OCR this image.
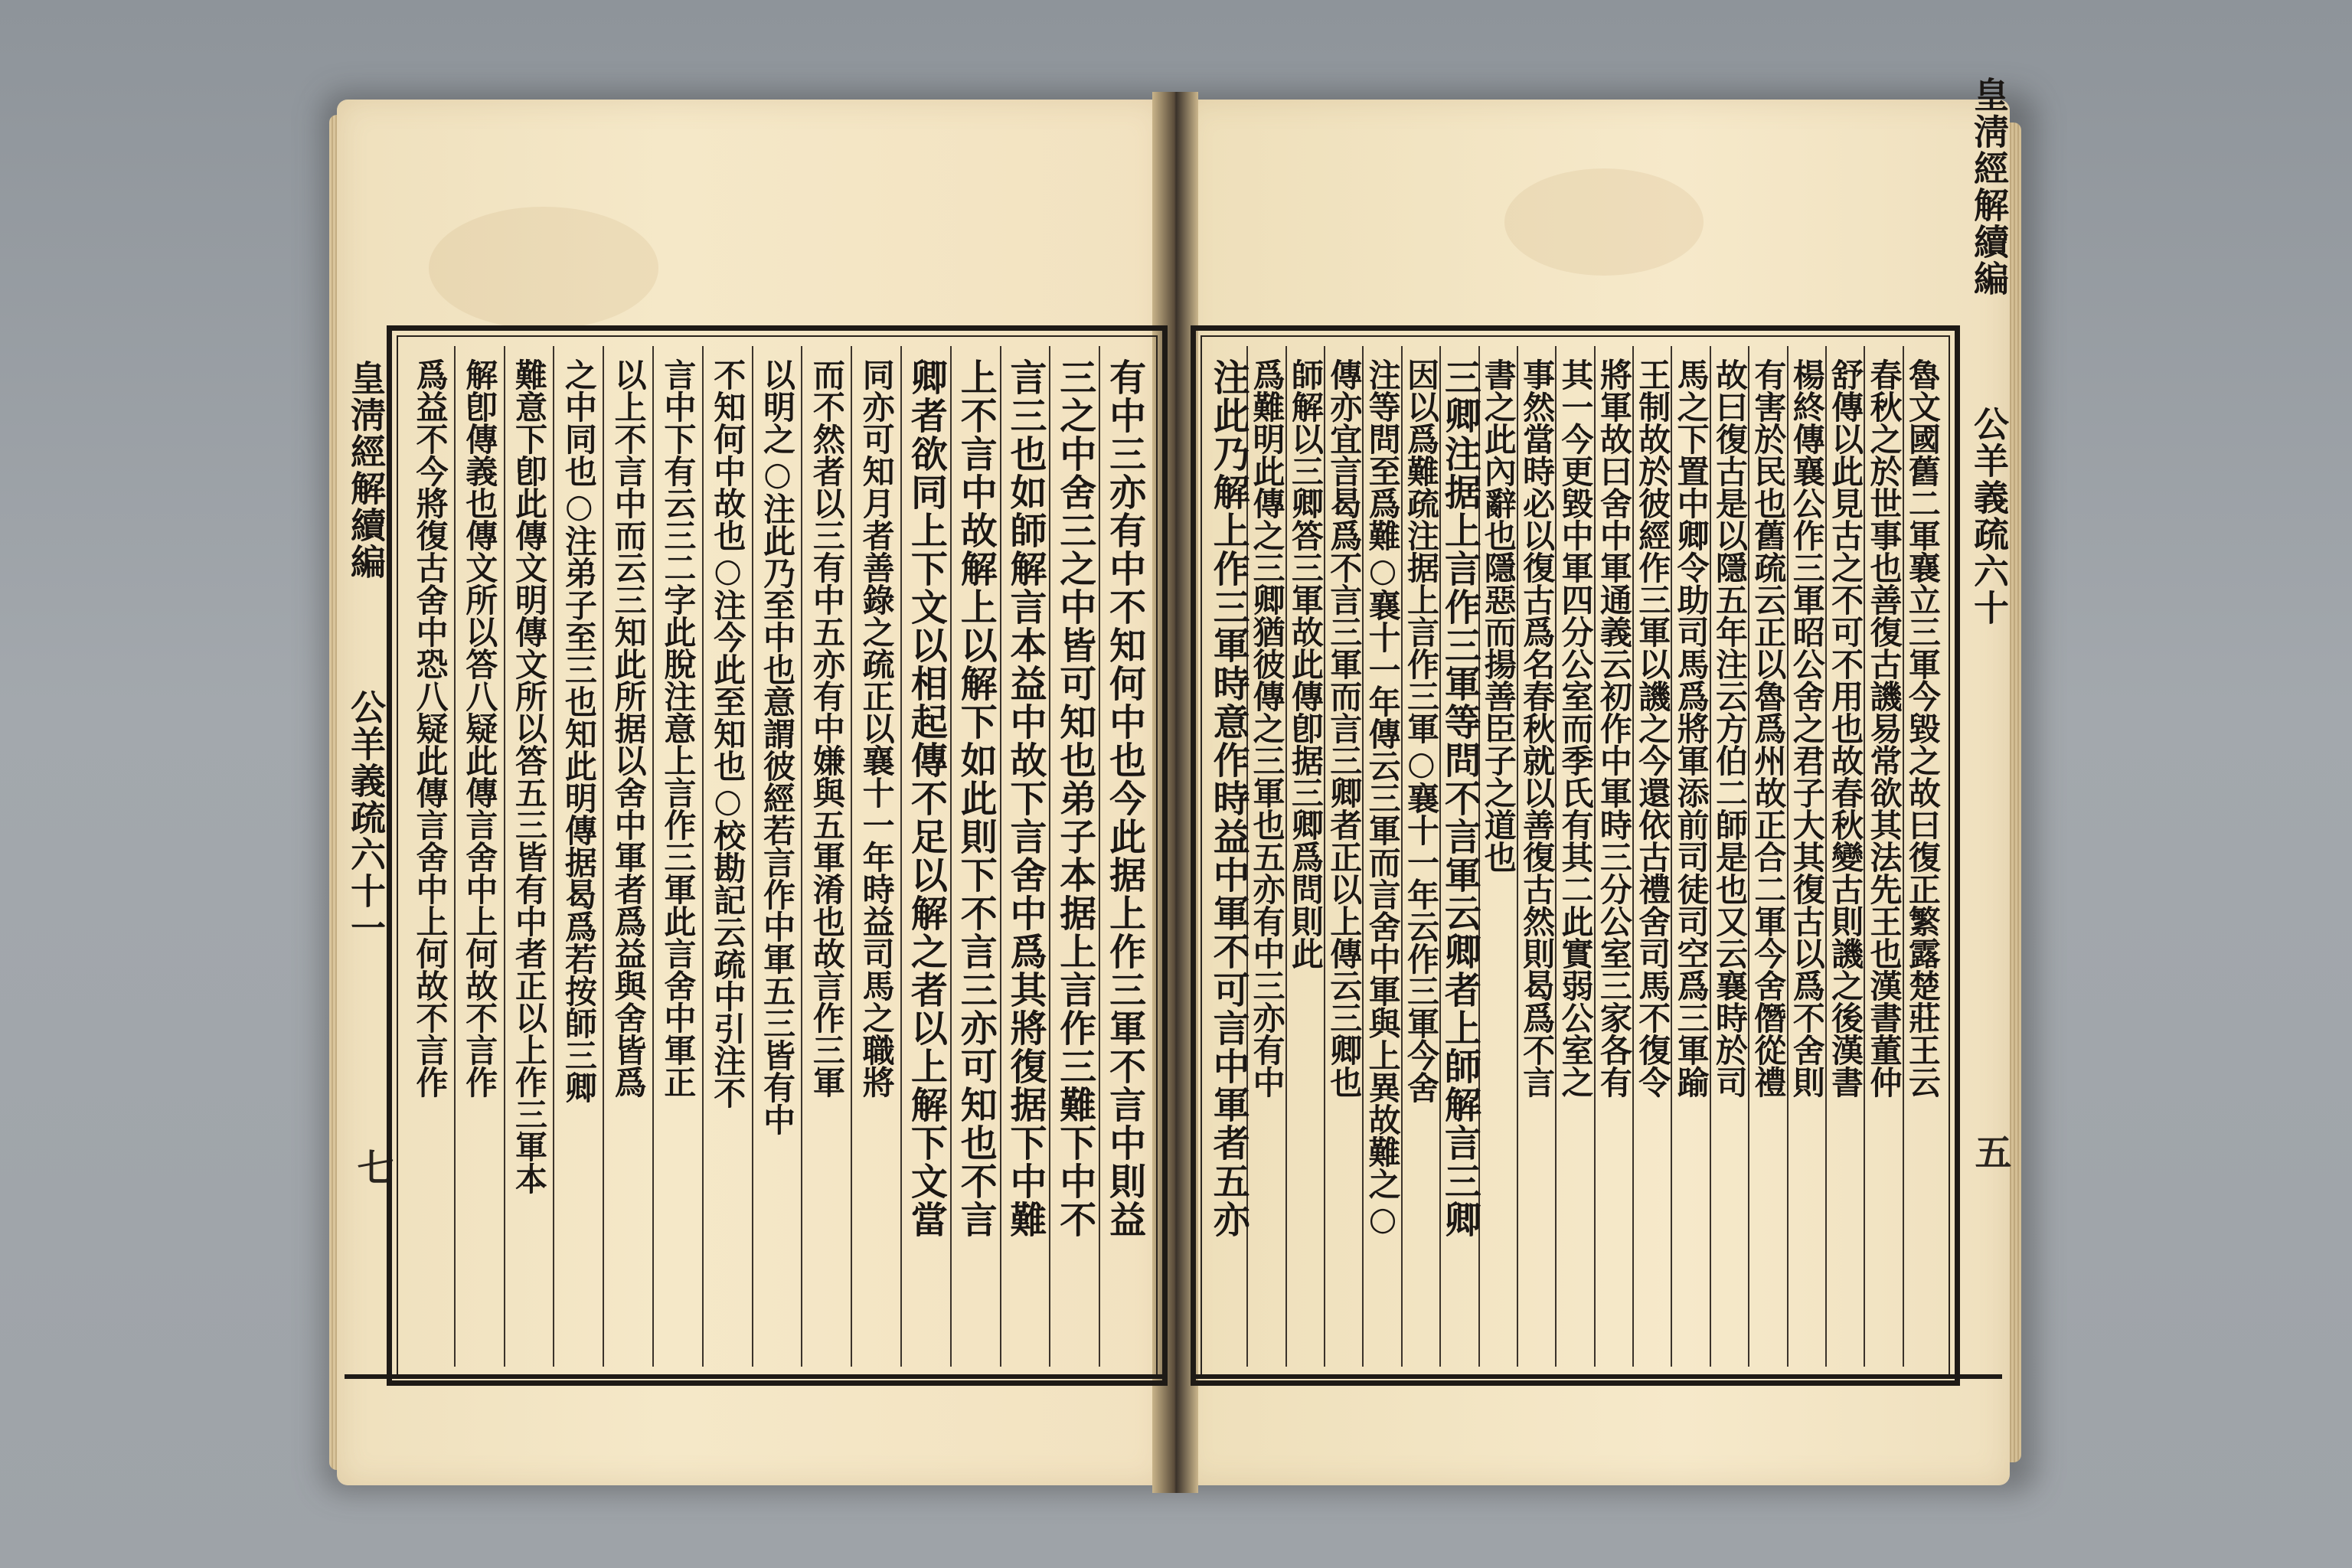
皇淸經解續編  公羊義疏六十一
七
皇淸經解續編  公羊義疏六十
五
有中三亦有中不知何中也今此据上作三軍不言中則益
三之中舍三之中皆可知也弟子本据上言作三難下中不
言三也如師解言本益中故下言舍中爲其將復据下中難
上不言中故解上以解下如此則下不言三亦可知也不言
卿者欲同上下文以相起傳不足以解之者以上解下文當
同亦可知月者善錄之疏正以襄十一年時益司馬之職將
而不然者以三有中五亦有中嫌與五軍淆也故言作三軍
以明之○注此乃至中也意謂彼經若言作中軍五三皆有中
不知何中故也○注今此至知也○校勘記云疏中引注不
言中下有云三二字此脫注意上言作三軍此言舍中軍正
以上不言中而云三知此所据以舍中軍者爲益與舍皆爲
之中同也○注弟子至三也知此明傳据曷爲若按師三卿
難意下卽此傳文明傳文所以答五三皆有中者正以上作三軍本
解卽傳義也傳文所以答八疑此傳言舍中上何故不言作
爲益不今將復古舍中恐八疑此傳言舍中上何故不言作	魯文國舊二軍襄立三軍今毀之故曰復正繁露楚莊王云
春秋之於世事也善復古譏易常欲其法先王也漢書董仲
舒傳以此見古之不可不用也故春秋變古則譏之後漢書
楊終傳襄公作三軍昭公舍之君子大其復古以爲不舍則
有害於民也舊疏云正以魯爲州故正合二軍今舍僭從禮
故曰復古是以隱五年注云方伯二師是也又云襄時於司
馬之下置中卿令助司馬爲將軍添前司徒司空爲三軍踰
王制故於彼經作三軍以譏之今還依古禮舍司馬不復令
將軍故曰舍中軍通義云初作中軍時三分公室三家各有
其一今更毀中軍四分公室而季氏有其二此實弱公室之
事然當時必以復古爲名春秋就以善復古然則曷爲不言
書之此內辭也隱惡而揚善臣子之道也
三卿注据上言作三軍等問不言軍云卿者上師解言三卿
因以爲難疏注据上言作三軍○襄十一年云作三軍今舍
注等問至爲難○襄十一年傳云三軍而言舍中軍與上異故難之○
傳亦宜言曷爲不言三軍而言三卿者正以上傳云三卿也
師解以三卿答三軍故此傳卽据三卿爲問則此
爲難明此傳之三卿猶彼傳之三軍也五亦有中三亦有中
注此乃解上作三軍時意作時益中軍不可言中軍者五亦
